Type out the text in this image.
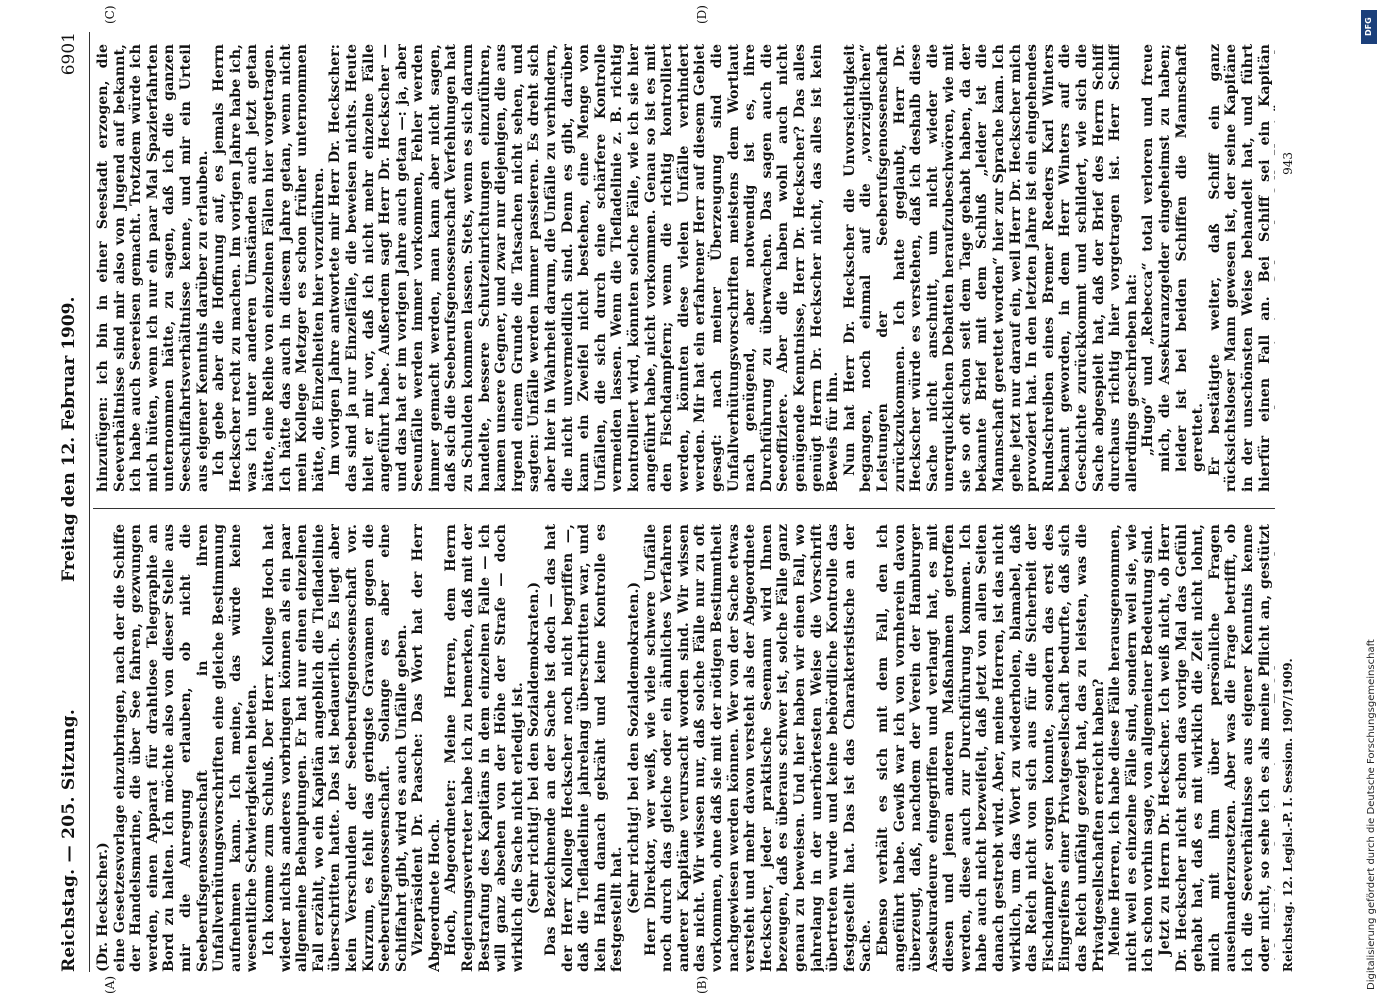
Reichstag. — 205. Sitzung.
Freitag den 12. Februar 1909.
6901
(A)	(B)
(C)	(D)

(Dr. Heckscher.) eine Gesetzesvorlage einzubringen, nach der die Schiffe der Handelsmarine, die über See fahren, gezwungen werden, einen Apparat für drahtlose Telegraphie an Bord zu halten. Ich möchte also von dieser Stelle aus mir die Anregung erlauben, ob nicht die Seeberufsgenossenschaft in ihren Unfallverhütungsvorschriften eine gleiche Bestimmung aufnehmen kann. Ich meine, das würde keine wesentliche Schwierigkeiten bieten. Ich komme zum Schluß. Der Herr Kollege Hoch hat wieder nichts anderes vorbringen können als ein paar allgemeine Behauptungen. Er hat nur einen einzelnen Fall erzählt, wo ein Kapitän angeblich die Tiefladelinie überschritten hatte. Das ist bedauerlich. Es liegt aber kein Verschulden der Seeberufsgenossenschaft vor. Kurzum, es fehlt das geringste Gravamen gegen die Seeberufsgenossenschaft. Solange es aber eine Schiffahrt gibt, wird es auch Unfälle geben. Vizepräsident Dr. Paasche: Das Wort hat der Herr Abgeordnete Hoch. Hoch, Abgeordneter: Meine Herren, dem Herrn Regierungsvertreter habe ich zu bemerken, daß mit der Bestrafung des Kapitäns in dem einzelnen Falle — ich will ganz absehen von der Höhe der Strafe — doch wirklich die Sache nicht erledigt ist. (Sehr richtig! bei den Sozialdemokraten.) Das Bezeichnende an der Sache ist doch — das hat der Herr Kollege Heckscher noch nicht begriffen —, daß die Tiefladelinie jahrelang überschritten war, und kein Hahn danach gekräht und keine Kontrolle es festgestellt hat. (Sehr richtig! bei den Sozialdemokraten.) Herr Direktor, wer weiß, wie viele schwere Unfälle noch durch das gleiche oder ein ähnliches Verfahren anderer Kapitäne verursacht worden sind. Wir wissen das nicht. Wir wissen nur, daß solche Fälle nur zu oft vorkommen, ohne daß sie mit der nötigen Bestimmtheit nachgewiesen werden können. Wer von der Sache etwas versteht und mehr davon versteht als der Abgeordnete Heckscher, jeder praktische Seemann wird Ihnen bezeugen, daß es überaus schwer ist, solche Fälle ganz genau zu beweisen. Und hier haben wir einen Fall, wo jahrelang in der unerhörtesten Weise die Vorschrift übertreten wurde und keine behördliche Kontrolle das festgestellt hat. Das ist das Charakteristische an der Sache. Ebenso verhält es sich mit dem Fall, den ich angeführt habe. Gewiß war ich von vornherein davon überzeugt, daß, nachdem der Verein der Hamburger Assekuradeure eingegriffen und verlangt hat, es mit diesen und jenen anderen Maßnahmen getroffen werden, diese auch zur Durchführung kommen. Ich habe auch nicht bezweifelt, daß jetzt von allen Seiten danach gestrebt wird. Aber, meine Herren, ist das nicht wirklich, um das Wort zu wiederholen, blamabel, daß das Reich nicht von sich aus für die Sicherheit der Fischdampfer sorgen konnte, sondern das erst des Eingreifens einer Privatgesellschaft bedurfte, daß sich das Reich unfähig gezeigt hat, das zu leisten, was die Privatgesellschaften erreicht haben? Meine Herren, ich habe diese Fälle herausgenommen, nicht weil es einzelne Fälle sind, sondern weil sie, wie ich schon vorhin sage, von allgemeiner Bedeutung sind. Jetzt zu Herrn Dr. Heckscher. Ich weiß nicht, ob Herr Dr. Heckscher nicht schon das vorige Mal das Gefühl gehabt hat, daß es mit wirklich die Zeit nicht lohnt, mich mit ihm über persönliche Fragen auseinanderzusetzen. Aber was die Frage betrifft, ob ich die Seeverhältnisse aus eigener Kenntnis kenne oder nicht, so sehe ich es als meine Pflicht an, gestützt

hinzufügen: ich bin in einer Seestadt erzogen, die Seeverhältnisse sind mir also von Jugend auf bekannt, ich habe auch Seereisen gemacht. Trotzdem würde ich mich hüten, wenn ich nur ein paar Mal Spazierfahrten unternommen hätte, zu sagen, daß ich die ganzen Seeschiffahrtsverhältnisse kenne, und mir ein Urteil aus eigener Kenntnis darüber zu erlauben. Ich gebe aber die Hoffnung auf, es jemals Herrn Heckscher recht zu machen. Im vorigen Jahre habe ich, was ich unter anderen Umständen auch jetzt getan hätte, eine Reihe von einzelnen Fällen hier vorgetragen. Ich hätte das auch in diesem Jahre getan, wenn nicht mein Kollege Metzger es schon früher unternommen hätte, die Einzelheiten hier vorzuführen. Im vorigen Jahre antwortete mir Herr Dr. Heckscher: das sind ja nur Einzelfälle, die beweisen nichts. Heute hielt er mir vor, daß ich nicht mehr einzelne Fälle angeführt habe. Außerdem sagt Herr Dr. Heckscher — und das hat er im vorigen Jahre auch getan —: ja, aber Seeunfälle werden immer vorkommen, Fehler werden immer gemacht werden, man kann aber nicht sagen, daß sich die Seeberufsgenossenschaft Verfehlungen hat zu Schulden kommen lassen. Stets, wenn es sich darum handelte, bessere Schutzeinrichtungen einzuführen, kamen unsere Gegner, und zwar nur diejenigen, die aus irgend einem Grunde die Tatsachen nicht sehen, und sagten: Unfälle werden immer passieren. Es dreht sich aber hier in Wahrheit darum, die Unfälle zu verhindern, die nicht unvermeidlich sind. Denn es gibt, darüber kann ein Zweifel nicht bestehen, eine Menge von Unfällen, die sich durch eine schärfere Kontrolle vermeiden lassen. Wenn die Tiefladelinie z. B. richtig kontrolliert wird, könnten solche Fälle, wie ich sie hier angeführt habe, nicht vorkommen. Genau so ist es mit den Fischdampfern; wenn die richtig kontrolliert werden, könnten diese vielen Unfälle verhindert werden. Mir hat ein erfahrener Herr auf diesem Gebiet gesagt: nach meiner Überzeugung sind die Unfallverhütungsvorschriften meistens dem Wortlaut nach genügend, aber notwendig ist es, ihre Durchführung zu überwachen. Das sagen auch die Seeoffiziere. Aber die haben wohl auch nicht genügende Kenntnisse, Herr Dr. Heckscher? Das alles genügt Herrn Dr. Heckscher nicht, das alles ist kein Beweis für ihn. Nun hat Herr Dr. Heckscher die Unvorsichtigkeit begangen, noch einmal auf die „vorzüglichen“ Leistungen der Seeberufsgenossenschaft zurückzukommen. Ich hatte geglaubt, Herr Dr. Heckscher würde es verstehen, daß ich deshalb diese Sache nicht anschnitt, um nicht wieder die unerquicklichen Debatten heraufzubeschwören, wie mit sie so oft schon seit dem Tage gehabt haben, da der bekannte Brief mit dem Schluß „leider ist die Mannschaft gerettet worden“ hier zur Sprache kam. Ich gehe jetzt nur darauf ein, weil Herr Dr. Heckscher mich provoziert hat. In den letzten Jahre ist ein eingehendes Rundschreiben eines Bremer Reeders Karl Winters bekannt geworden, in dem Herr Winters auf die Geschichte zurückkommt und schildert, wie sich die Sache abgespielt hat, daß der Brief des Herrn Schiff durchaus richtig hier vorgetragen ist. Herr Schiff allerdings geschrieben hat: „Hugo“ und „Rebecca“ total verloren und freue mich, die Assekuranzgelder eingeheimst zu haben; leider ist bei beiden Schiffen die Mannschaft gerettet. Er bestätigte weiter, daß Schiff ein ganz rücksichtsloser Mann gewesen ist, der seine Kapitäne in der unschönsten Weise behandelt hat, und führt hierfür einen Fall an. Bei Schiff sei ein Kapitän

Reichstag. 12. Legisl.-P. I. Session. 1907/1909.
943
DFG
Digitalisierung gefördert durch die Deutsche Forschungsgemeinschaft
